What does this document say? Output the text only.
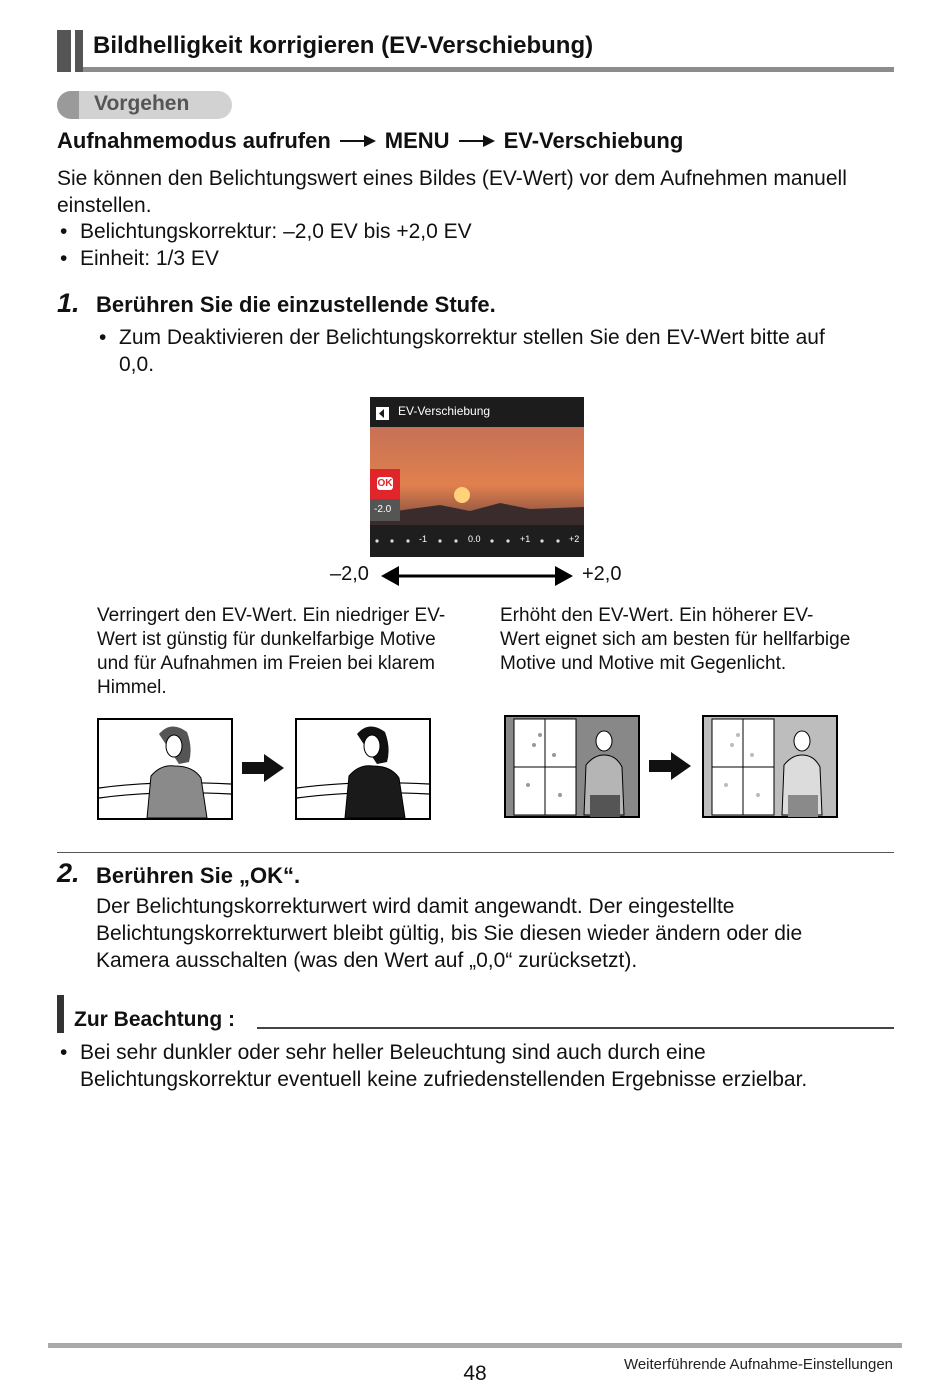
Bildhelligkeit korrigieren (EV-Verschiebung)
Vorgehen
Aufnahmemodus aufrufen MENU EV-Verschiebung
Sie können den Belichtungswert eines Bildes (EV-Wert) vor dem Aufnehmen manuell
einstellen.
• Belichtungskorrektur: –2,0 EV bis +2,0 EV
• Einheit: 1/3 EV
1. Berühren Sie die einzustellende Stufe.
• Zum Deaktivieren der Belichtungskorrektur stellen Sie den EV-Wert bitte auf
0,0.
EV-Verschiebung
OK
-2.0
-1	0.0	+1	+2
–2,0	+2,0
Verringert den EV-Wert. Ein niedriger EV-
Wert ist günstig für dunkelfarbige Motive
und für Aufnahmen im Freien bei klarem
Himmel.
Erhöht den EV-Wert. Ein höherer EV-
Wert eignet sich am besten für hellfarbige
Motive und Motive mit Gegenlicht.
2. Berühren Sie „OK“.
Der Belichtungskorrekturwert wird damit angewandt. Der eingestellte
Belichtungskorrekturwert bleibt gültig, bis Sie diesen wieder ändern oder die
Kamera ausschalten (was den Wert auf „0,0“ zurücksetzt).
Zur Beachtung :
• Bei sehr dunkler oder sehr heller Beleuchtung sind auch durch eine
Belichtungskorrektur eventuell keine zufriedenstellenden Ergebnisse erzielbar.
48	Weiterführende Aufnahme-Einstellungen
